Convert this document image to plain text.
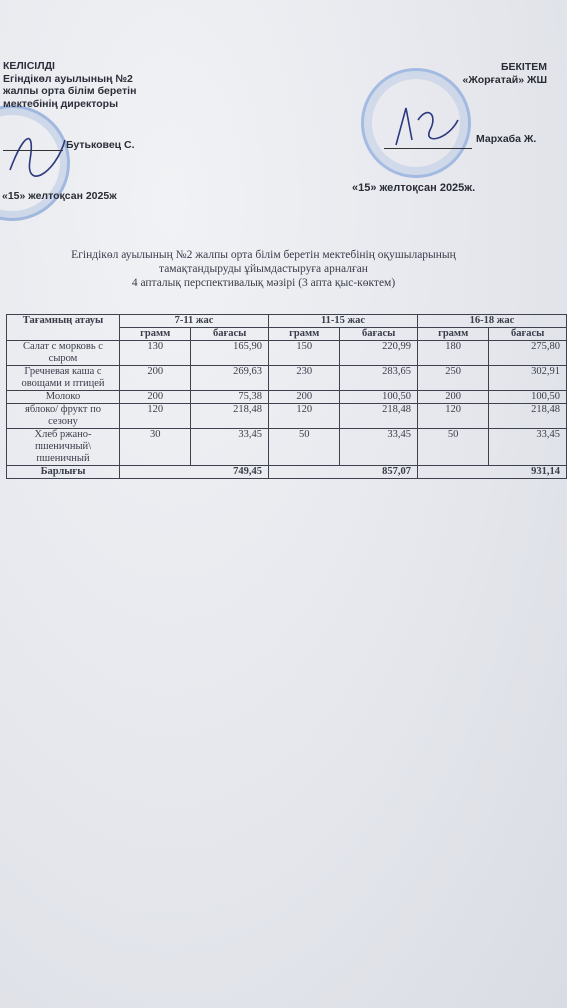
КЕЛІСІЛДІ
Егіндікөл ауылының №2
жалпы орта білім беретін
мектебінің директоры
Бутьковец С.
«15» желтоқсан 2025ж
БЕКІТЕМ
«Жорғатай» ЖШ
Мархаба Ж.
«15» желтоқсан 2025ж.
Егіндікөл ауылының №2 жалпы орта білім беретін мектебінің оқушыларының
тамақтандыруды ұйымдастыруға арналған
4 апталық перспективалық мәзірі (3 апта қыс-көктем)
Тағамның атауы	7-11 жас		11-15 жас		16-18 жас	
	грамм	бағасы	грамм	бағасы	грамм	бағасы
Салат с морковь с сыром	130	165,90	150	220,99	180	275,80
Гречневая каша с овощами и птицей	200	269,63	230	283,65	250	302,91
Молоко	200	75,38	200	100,50	200	100,50
яблоко/ фрукт по сезону	120	218,48	120	218,48	120	218,48
Хлеб ржано-пшеничный\ пшеничный	30	33,45	50	33,45	50	33,45
Барлығы	749,45		857,07		931,14	
